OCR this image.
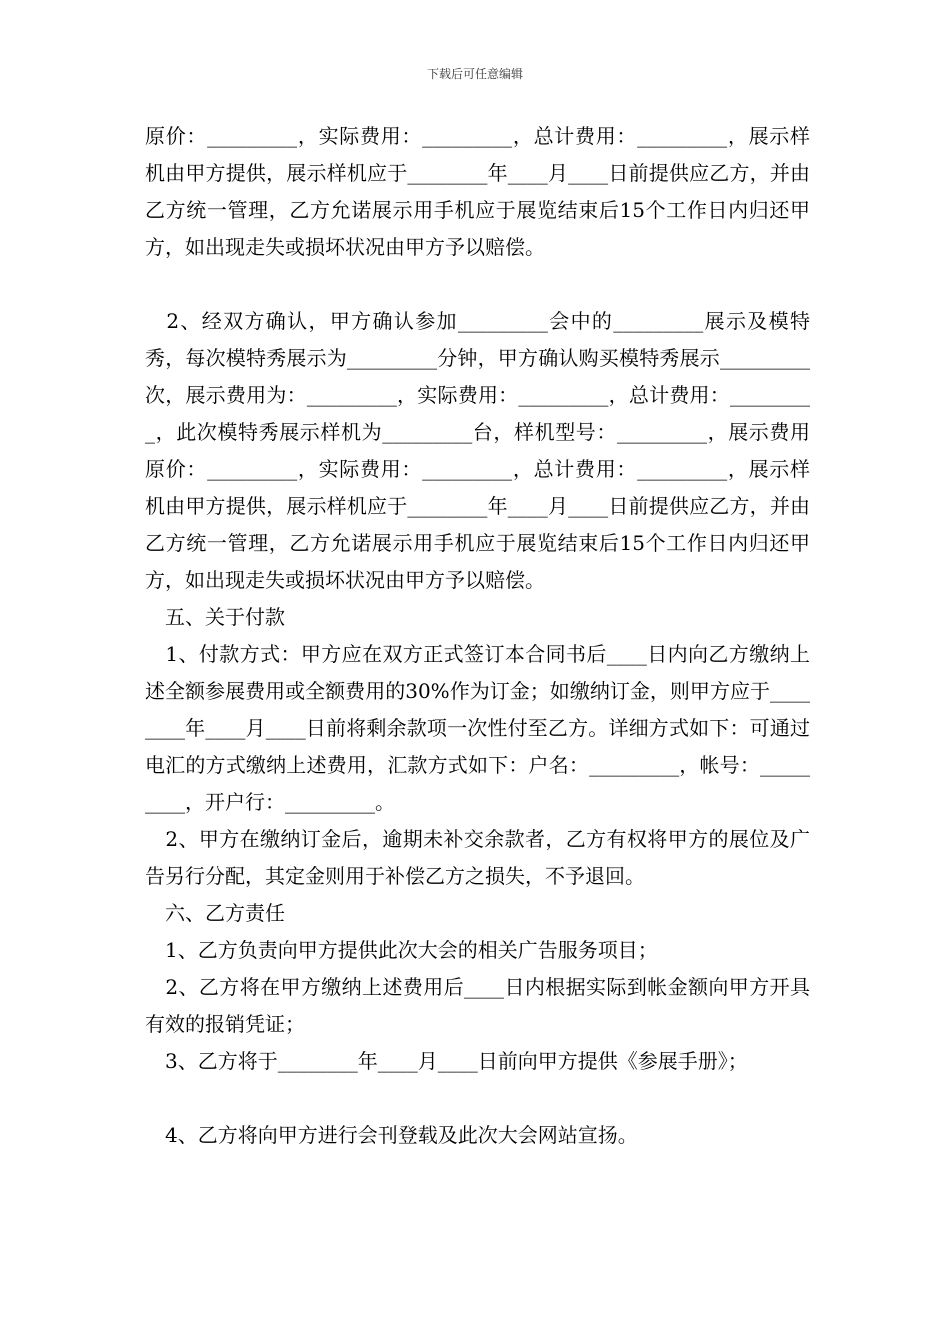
下载后可任意编辑

原价：_________，实际费用：_________，总计费用：_________，展示样机由甲方提供，展示样机应于________年____月____日前提供应乙方，并由乙方统一管理，乙方允诺展示用手机应于展览结束后15个工作日内归还甲方，如出现走失或损坏状况由甲方予以赔偿。

　2、经双方确认，甲方确认参加_________会中的_________展示及模特秀，每次模特秀展示为_________分钟，甲方确认购买模特秀展示_________次，展示费用为：_________，实际费用：_________，总计费用：_________，此次模特秀展示样机为_________台，样机型号：_________，展示费用原价：_________，实际费用：_________，总计费用：_________，展示样机由甲方提供，展示样机应于________年____月____日前提供应乙方，并由乙方统一管理，乙方允诺展示用手机应于展览结束后15个工作日内归还甲方，如出现走失或损坏状况由甲方予以赔偿。

　五、关于付款

　1、付款方式：甲方应在双方正式签订本合同书后____日内向乙方缴纳上述全额参展费用或全额费用的30%作为订金；如缴纳订金，则甲方应于________年____月____日前将剩余款项一次性付至乙方。详细方式如下：可通过电汇的方式缴纳上述费用，汇款方式如下：户名：_________，帐号：_________，开户行：_________。

　2、甲方在缴纳订金后，逾期未补交余款者，乙方有权将甲方的展位及广告另行分配，其定金则用于补偿乙方之损失，不予退回。

　六、乙方责任

　1、乙方负责向甲方提供此次大会的相关广告服务项目；

　2、乙方将在甲方缴纳上述费用后____日内根据实际到帐金额向甲方开具有效的报销凭证；

　3、乙方将于________年____月____日前向甲方提供《参展手册》；

　4、乙方将向甲方进行会刊登载及此次大会网站宣扬。
